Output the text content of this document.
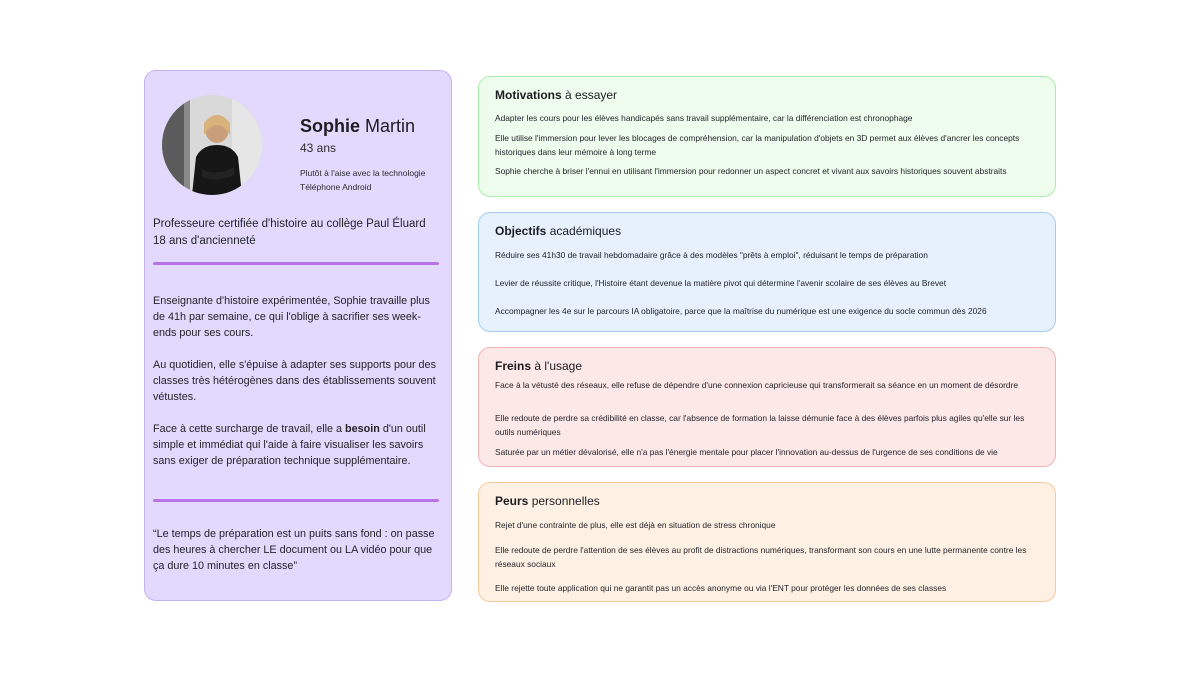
Sophie Martin
43 ans
Plutôt à l'aise avec la technologie
Téléphone Android
Professeure certifiée d'histoire au collège Paul Éluard
18 ans d'ancienneté

Enseignante d'histoire expérimentée, Sophie travaille plus de 41h par semaine, ce qui l'oblige à sacrifier ses week-ends pour ses cours.

Au quotidien, elle s'épuise à adapter ses supports pour des classes très hétérogènes dans des établissements souvent vétustes.

Face à cette surcharge de travail, elle a besoin d'un outil simple et immédiat qui l'aide à faire visualiser les savoirs sans exiger de préparation technique supplémentaire.

“Le temps de préparation est un puits sans fond : on passe des heures à chercher LE document ou LA vidéo pour que ça dure 10 minutes en classe”
Motivations à essayer
Adapter les cours pour les élèves handicapés sans travail supplémentaire, car la différenciation est chronophage
Elle utilise l'immersion pour lever les blocages de compréhension, car la manipulation d'objets en 3D permet aux élèves d'ancrer les concepts historiques dans leur mémoire à long terme
Sophie cherche à briser l'ennui en utilisant l'immersion pour redonner un aspect concret et vivant aux savoirs historiques souvent abstraits
Objectifs académiques
Réduire ses 41h30 de travail hebdomadaire grâce à des modèles "prêts à emploi", réduisant le temps de préparation
Levier de réussite critique, l'Histoire étant devenue la matière pivot qui détermine l'avenir scolaire de ses élèves au Brevet
Accompagner les 4e sur le parcours IA obligatoire, parce que la maîtrise du numérique est une exigence du socle commun dès 2026
Freins à l'usage
Face à la vétusté des réseaux, elle refuse de dépendre d'une connexion capricieuse qui transformerait sa séance en un moment de désordre
Elle redoute de perdre sa crédibilité en classe, car l'absence de formation la laisse démunie face à des élèves parfois plus agiles qu'elle sur les outils numériques
Saturée par un métier dévalorisé, elle n'a pas l'énergie mentale pour placer l'innovation au-dessus de l'urgence de ses conditions de vie
Peurs personnelles
Rejet d'une contrainte de plus, elle est déjà en situation de stress chronique
Elle redoute de perdre l'attention de ses élèves au profit de distractions numériques, transformant son cours en une lutte permanente contre les réseaux sociaux
Elle rejette toute application qui ne garantit pas un accès anonyme ou via l'ENT pour protéger les données de ses classes
